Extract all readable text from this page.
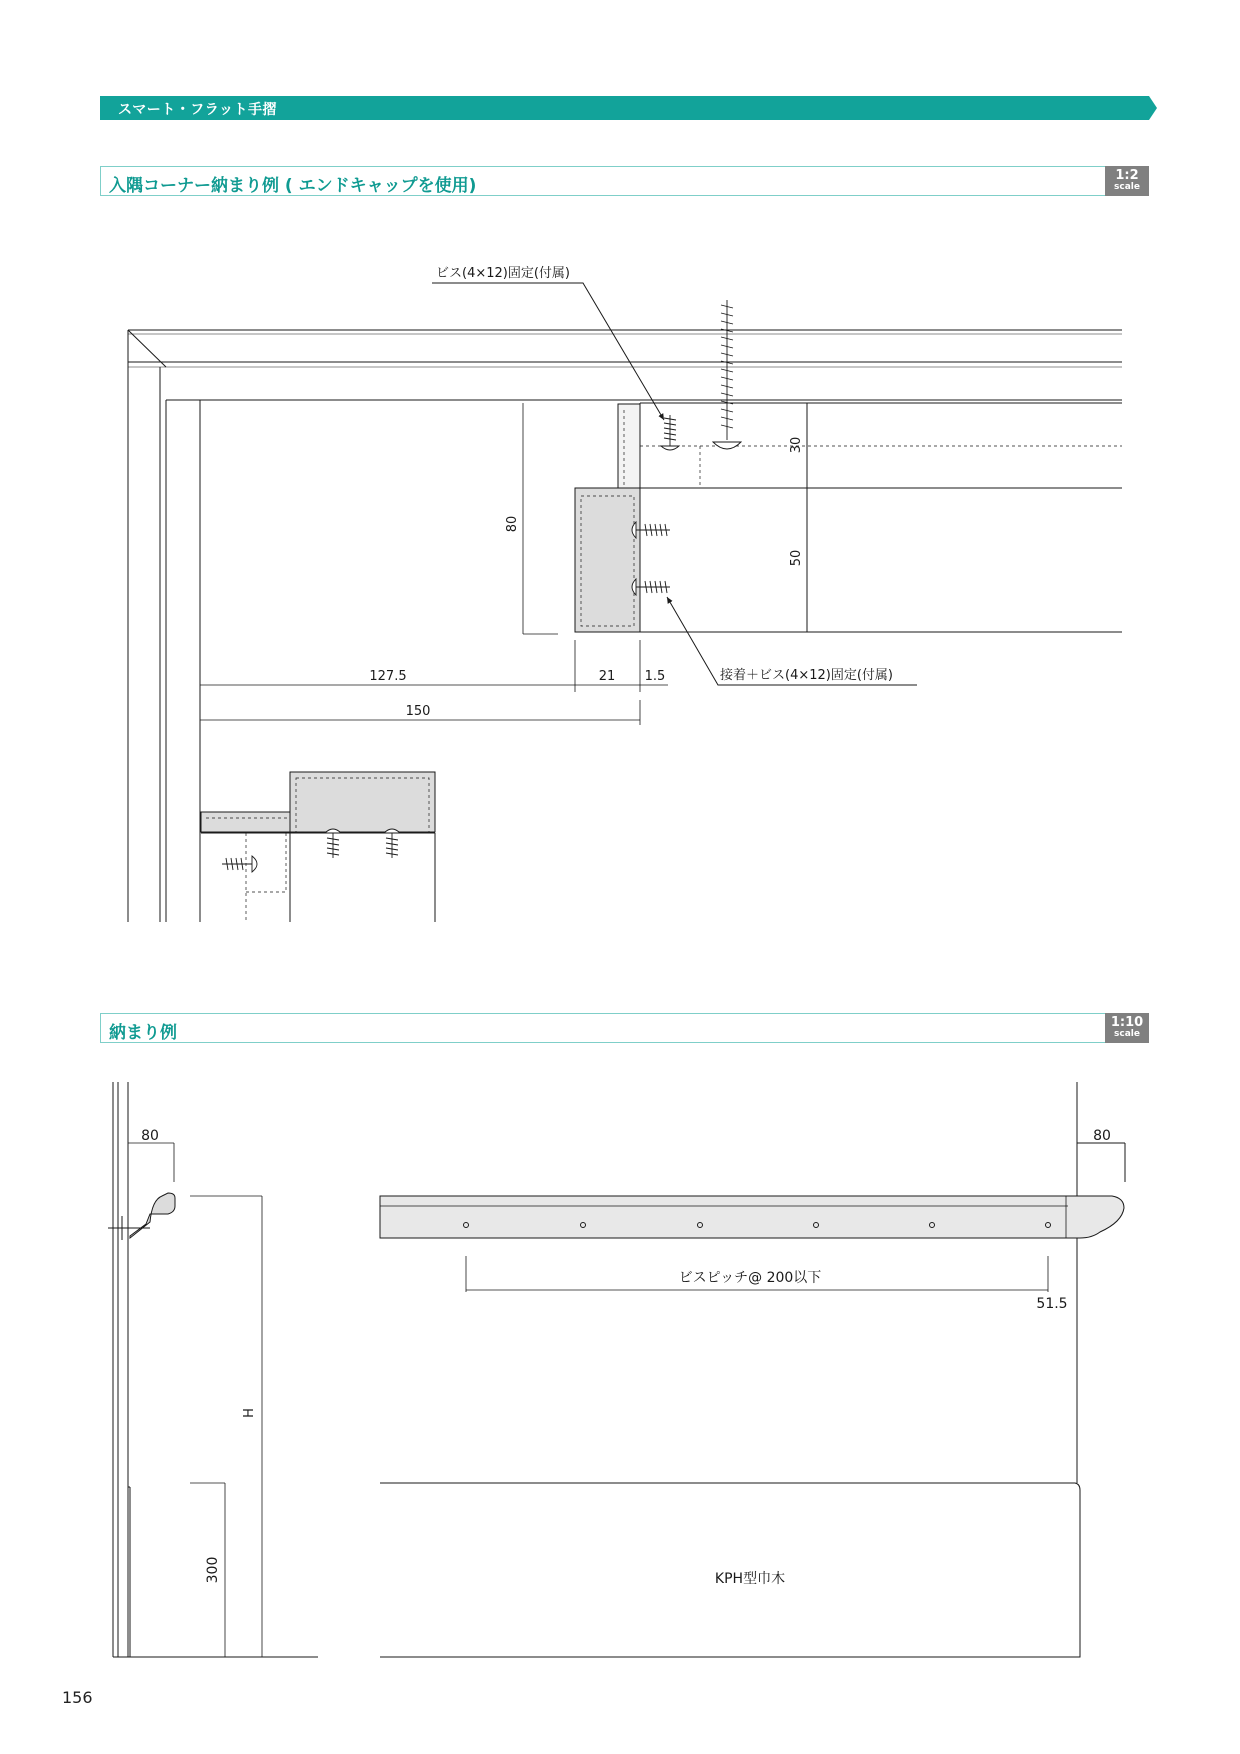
スマート・フラット手摺
入隅コーナー納まり例 ( エンドキャップを使用)
1:2
scale
納まり例
1:10
scale
ビス(4×12)固定(付属)
接着＋ビス(4×12)固定(付属)
80
30
50
127.5	21 1.5
150
80	80
ビスピッチ@ 200以下
51.5
H
300	KPH型巾木
156
